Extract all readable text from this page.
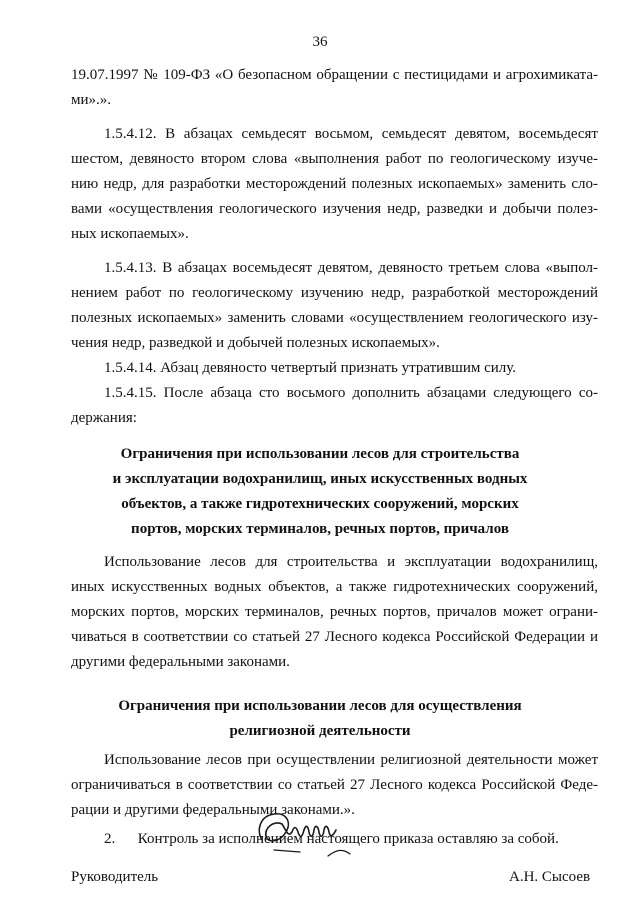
36
19.07.1997 № 109-ФЗ «О безопасном обращении с пестицидами и агрохимиката-
ми».».
1.5.4.12. В абзацах семьдесят восьмом, семьдесят девятом, восемьдесят
шестом, девяносто втором слова «выполнения работ по геологическому изуче-
нию недр, для разработки месторождений полезных ископаемых» заменить сло-
вами «осуществления геологического изучения недр, разведки и добычи полез-
ных ископаемых».
1.5.4.13. В абзацах восемьдесят девятом, девяносто третьем слова «выпол-
нением работ по геологическому изучению недр, разработкой месторождений
полезных ископаемых» заменить словами «осуществлением геологического изу-
чения недр, разведкой и добычей полезных ископаемых».
1.5.4.14. Абзац девяносто четвертый признать утратившим силу.
1.5.4.15. После абзаца сто восьмого дополнить абзацами следующего со-
держания:
Ограничения при использовании лесов для строительства
и эксплуатации водохранилищ, иных искусственных водных
объектов, а также гидротехнических сооружений, морских
портов, морских терминалов, речных портов, причалов
Использование лесов для строительства и эксплуатации водохранилищ,
иных искусственных водных объектов, а также гидротехнических сооружений,
морских портов, морских терминалов, речных портов, причалов может ограни-
чиваться в соответствии со статьей 27 Лесного кодекса Российской Федерации и
другими федеральными законами.
Ограничения при использовании лесов для осуществления
религиозной деятельности
Использование лесов при осуществлении религиозной деятельности может
ограничиваться в соответствии со статьей 27 Лесного кодекса Российской Феде-
рации и другими федеральными законами.».
2.      Контроль за исполнением настоящего приказа оставляю за собой.
Руководитель	А.Н. Сысоев
